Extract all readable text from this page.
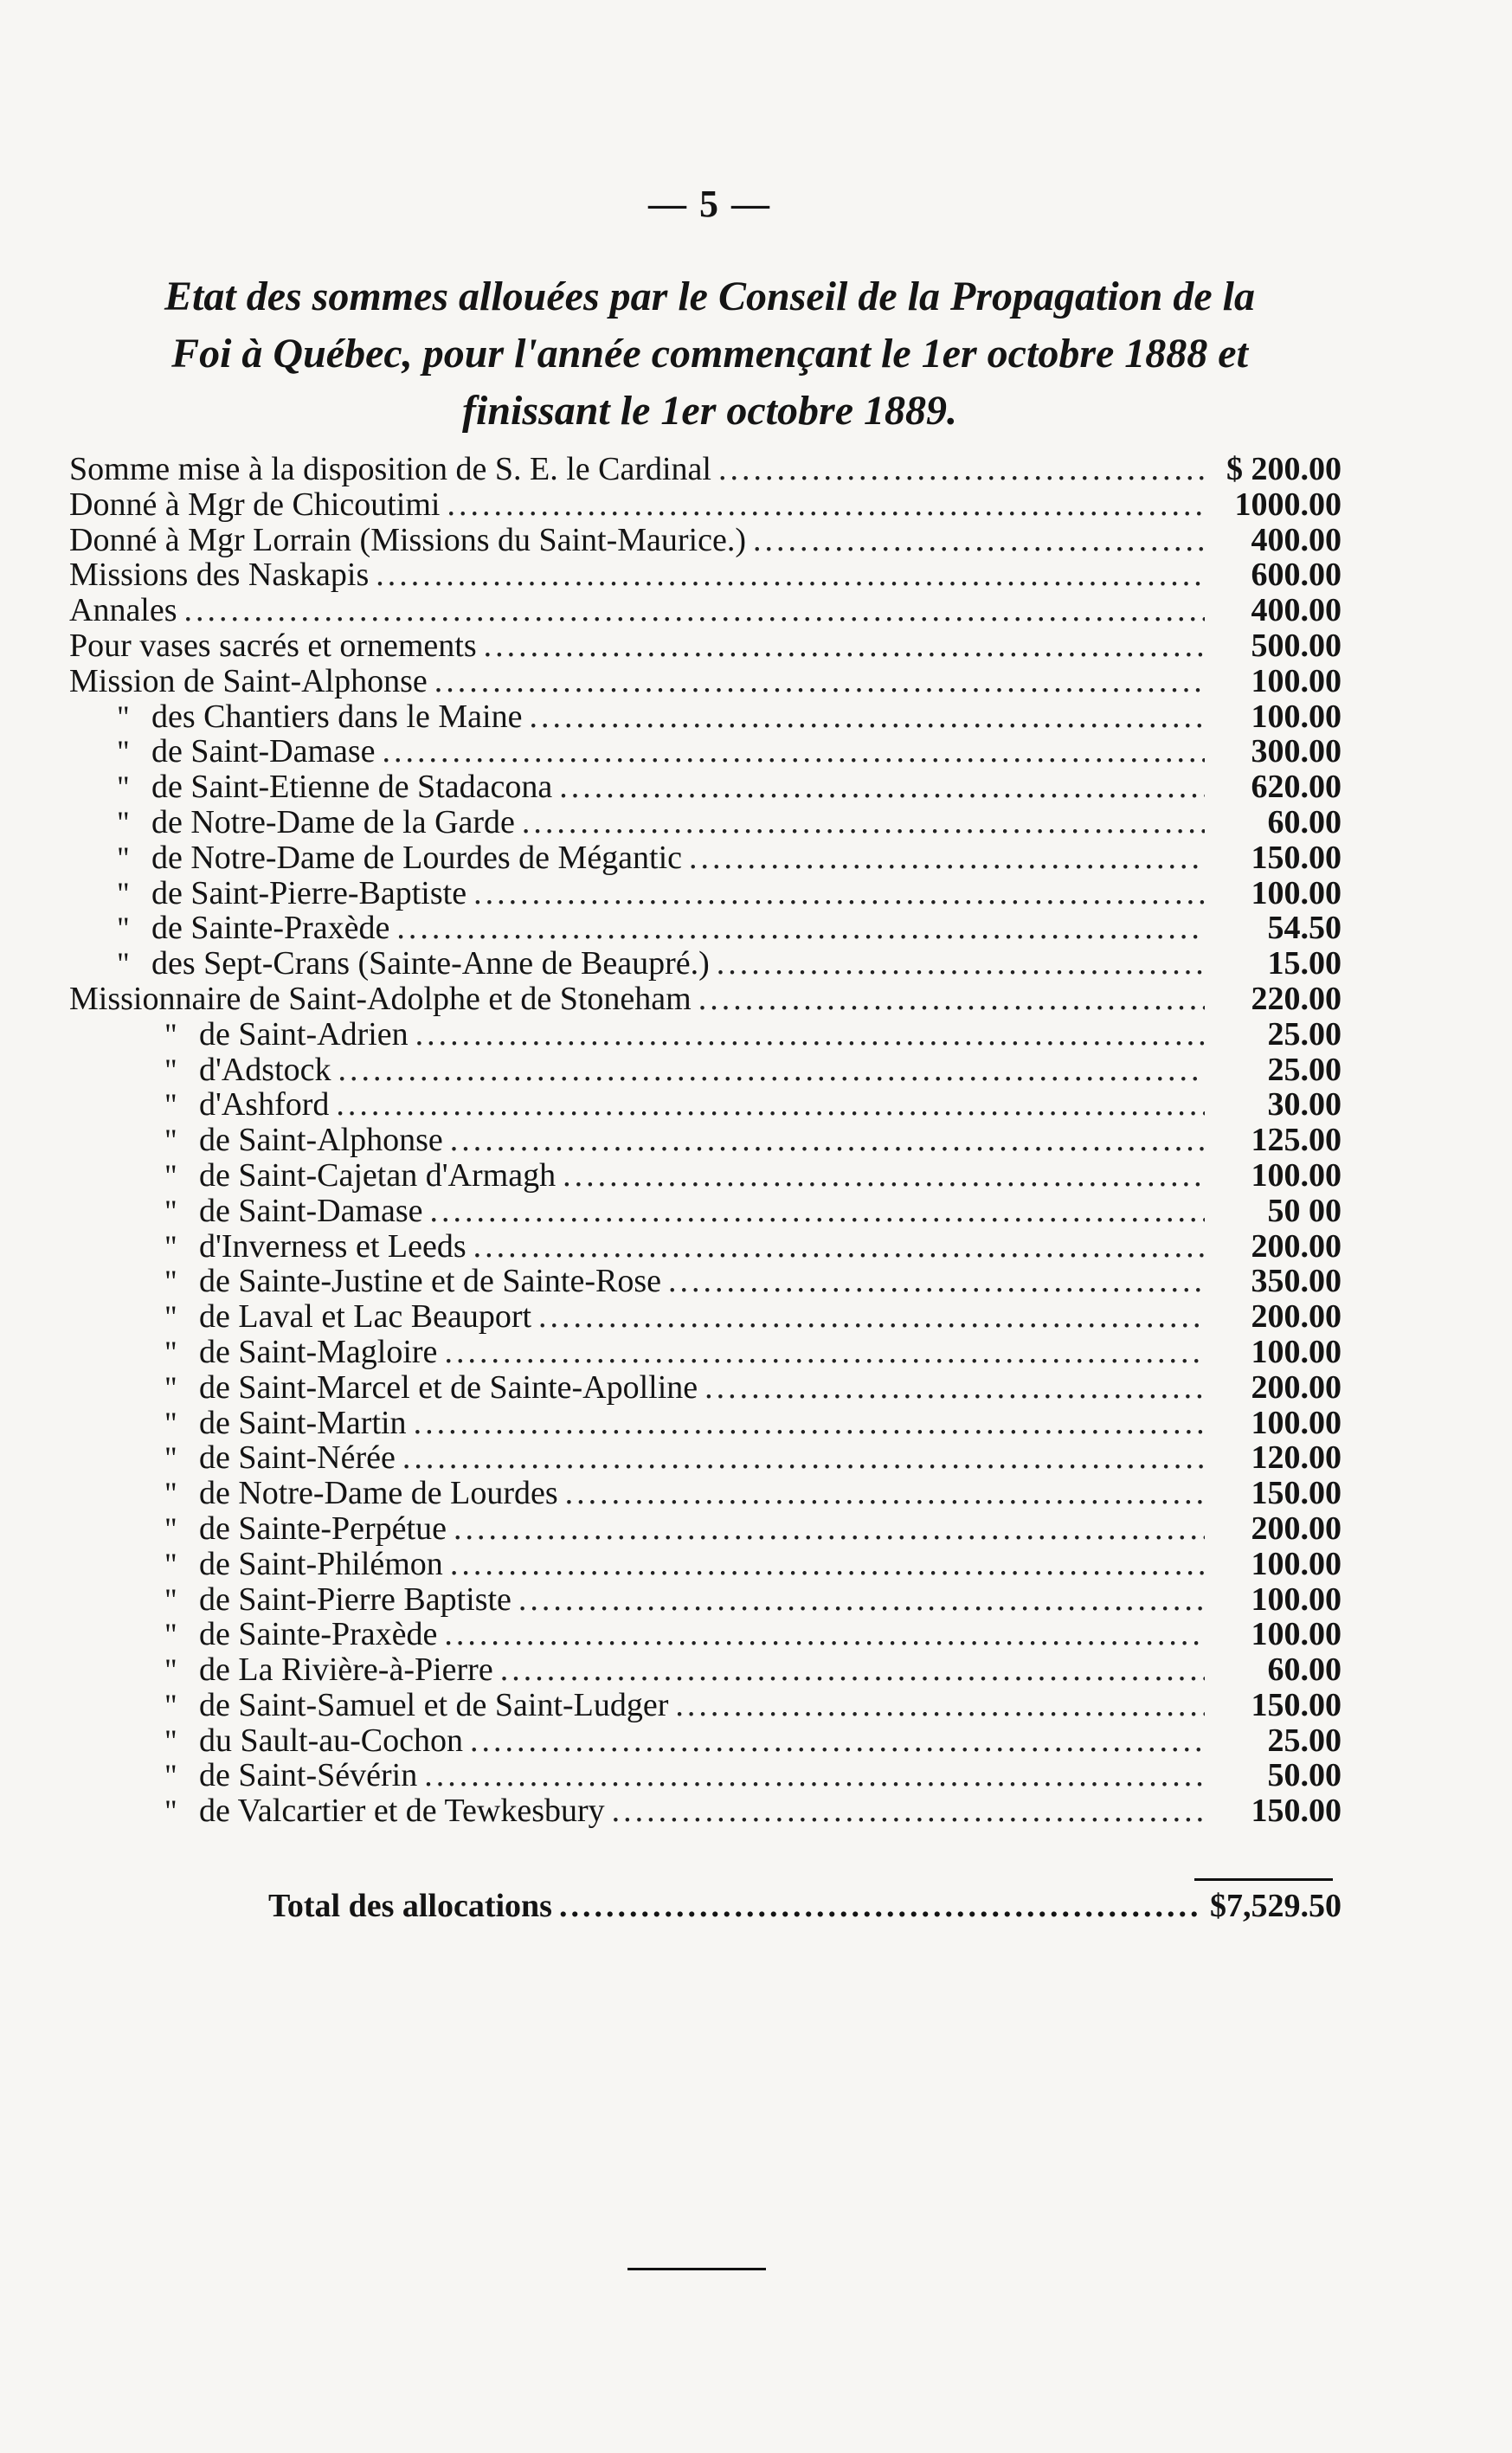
— 5 —
Etat des sommes allouées par le Conseil de la Propagation de la
Foi à Québec, pour l'année commençant le 1er octobre 1888 et
finissant le 1er octobre 1889.
Somme mise à la disposition de S. E. le Cardinal .....	$ 200.00
Donné à Mgr de Chicoutimi .....	1000.00
Donné à Mgr Lorrain (Missions du Saint-Maurice.) .....	400.00
Missions des Naskapis .....	600.00
Annales .....	400.00
Pour vases sacrés et ornements .....	500.00
Mission de Saint-Alphonse .....	100.00
" des Chantiers dans le Maine .....	100.00
" de Saint-Damase .....	300.00
" de Saint-Etienne de Stadacona .....	620.00
" de Notre-Dame de la Garde .....	60.00
" de Notre-Dame de Lourdes de Mégantic .....	150.00
" de Saint-Pierre-Baptiste .....	100.00
" de Sainte-Praxède .....	54.50
" des Sept-Crans (Sainte-Anne de Beaupré.) .....	15.00
Missionnaire de Saint-Adolphe et de Stoneham .....	220.00
" de Saint-Adrien .....	25.00
" d'Adstock .....	25.00
" d'Ashford .....	30.00
" de Saint-Alphonse .....	125.00
" de Saint-Cajetan d'Armagh .....	100.00
" de Saint-Damase .....	50 00
" d'Inverness et Leeds .....	200.00
" de Sainte-Justine et de Sainte-Rose .....	350.00
" de Laval et Lac Beauport .....	200.00
" de Saint-Magloire .....	100.00
" de Saint-Marcel et de Sainte-Apolline .....	200.00
" de Saint-Martin .....	100.00
" de Saint-Nérée .....	120.00
" de Notre-Dame de Lourdes .....	150.00
" de Sainte-Perpétue .....	200.00
" de Saint-Philémon .....	100.00
" de Saint-Pierre Baptiste .....	100.00
" de Sainte-Praxède .....	100.00
" de La Rivière-à-Pierre .....	60.00
" de Saint-Samuel et de Saint-Ludger .....	150.00
" du Sault-au-Cochon .....	25.00
" de Saint-Sévérin .....	50.00
" de Valcartier et de Tewkesbury .....	150.00
Total des allocations .....	$7,529.50
